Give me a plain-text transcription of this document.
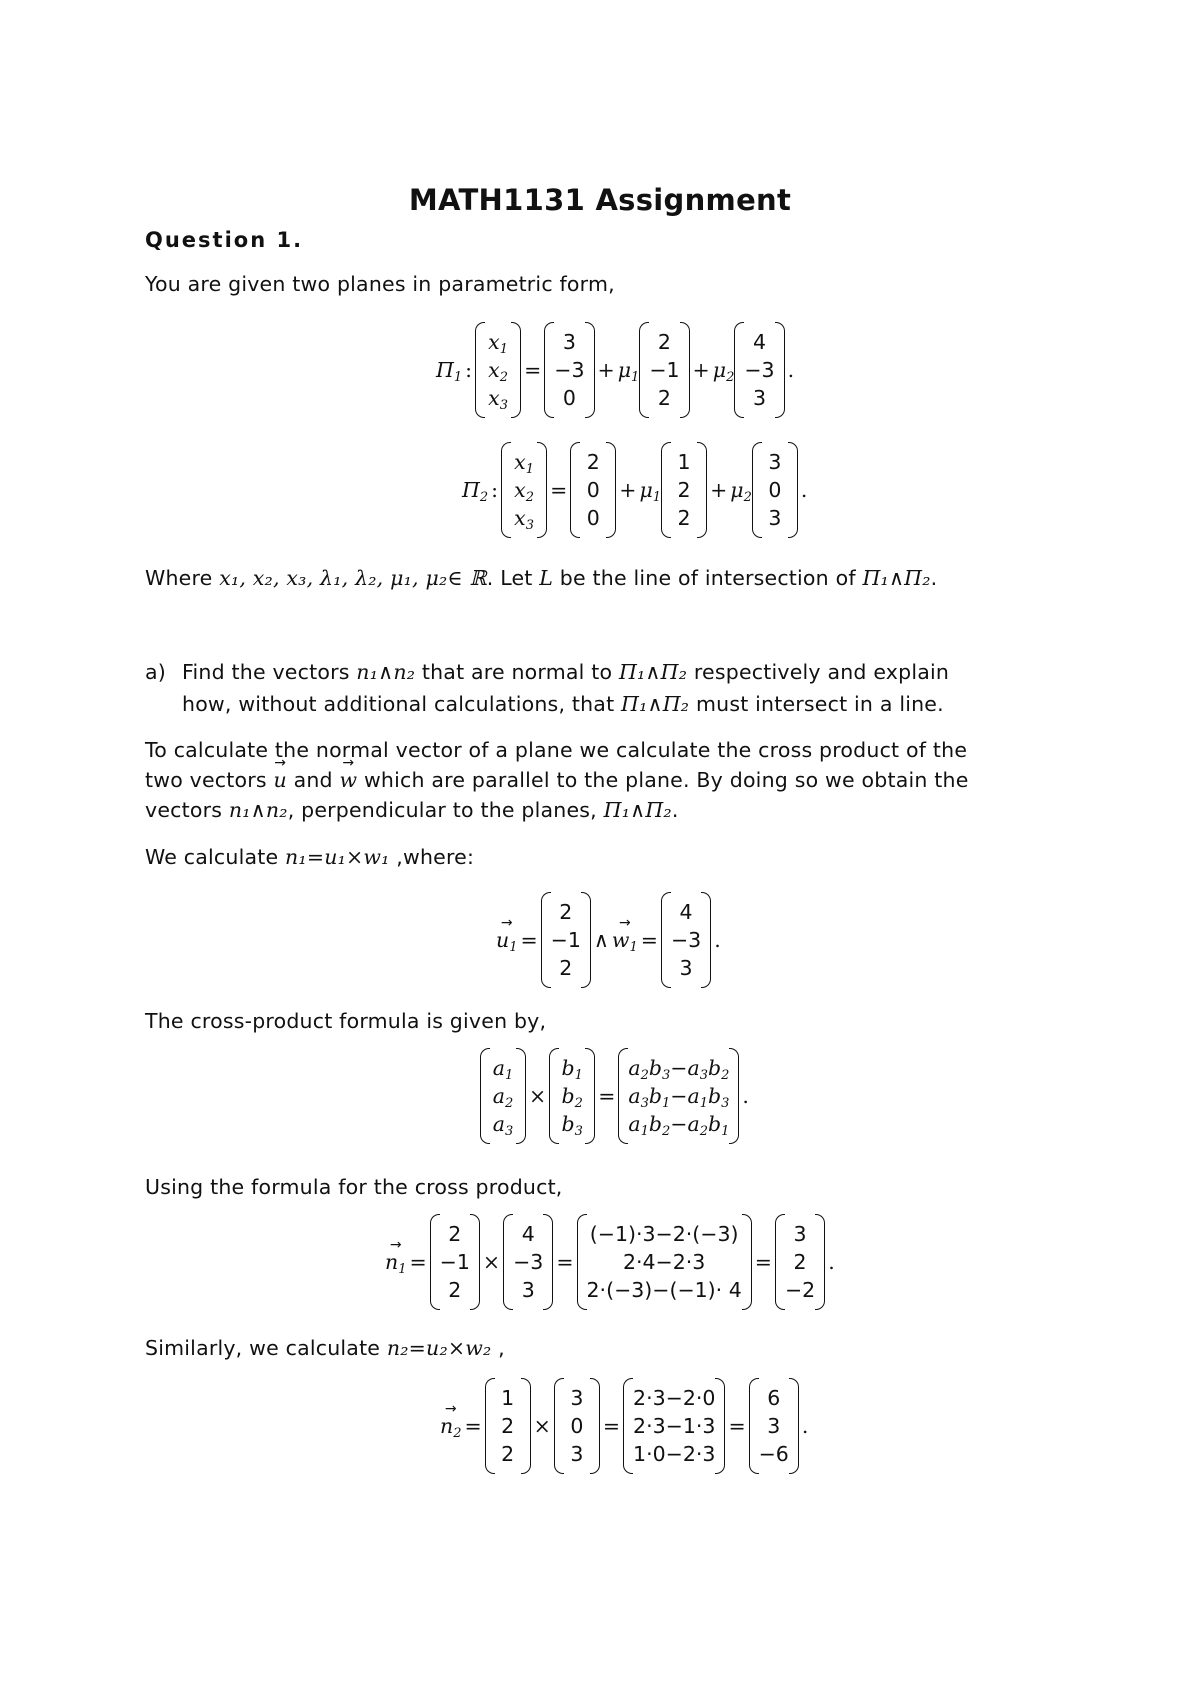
MATH1131 Assignment
Question 1.
You are given two planes in parametric form,
$\Pi_1$ :
$x_1$
$x_2$
$x_3$
=
3
−3
0
+ $\mu_1$
2
−1
2
+ $\mu_2$
4
−3
3
.
$\Pi_2$ :
$x_1$
$x_2$
$x_3$
=
2
0
0
+ $\mu_1$
1
2
2
+ $\mu_2$
3
0
3
.
Where x₁, x₂, x₃, λ₁, λ₂, μ₁, μ₂∈ ℝ. Let L be the line of intersection of Π₁∧Π₂.
a) Find the vectors n₁∧n₂ that are normal to Π₁∧Π₂ respectively and explain
how, without additional calculations, that Π₁∧Π₂ must intersect in a line.
To calculate the normal vector of a plane we calculate the cross product of the
two vectors → u and → w which are parallel to the plane. By doing so we obtain the
vectors n₁∧n₂, perpendicular to the planes, Π₁∧Π₂.
We calculate n₁=u₁×w₁ ,where:
→ $u_1$ =
2
−1
2
∧
→ $w_1$ =
4
−3
3
.
The cross-product formula is given by,
$a_1$
$a_2$
$a_3$
×
$b_1$
$b_2$
$b_3$
=
$a_2b_3-a_3b_2$
$a_3b_1-a_1b_3$
$a_1b_2-a_2b_1$
.
Using the formula for the cross product,
→ $n_1$ =
2
−1
2
×
4
−3
3
=
(−1)·3−2·(−3)
2·4−2·3
2·(−3)−(−1)· 4
=
3
2
−2
.
Similarly, we calculate n₂=u₂×w₂ ,
→ $n_2$ =
1
2
2
×
3
0
3
=
2·3−2·0
2·3−1·3
1·0−2·3
=
6
3
−6
.
